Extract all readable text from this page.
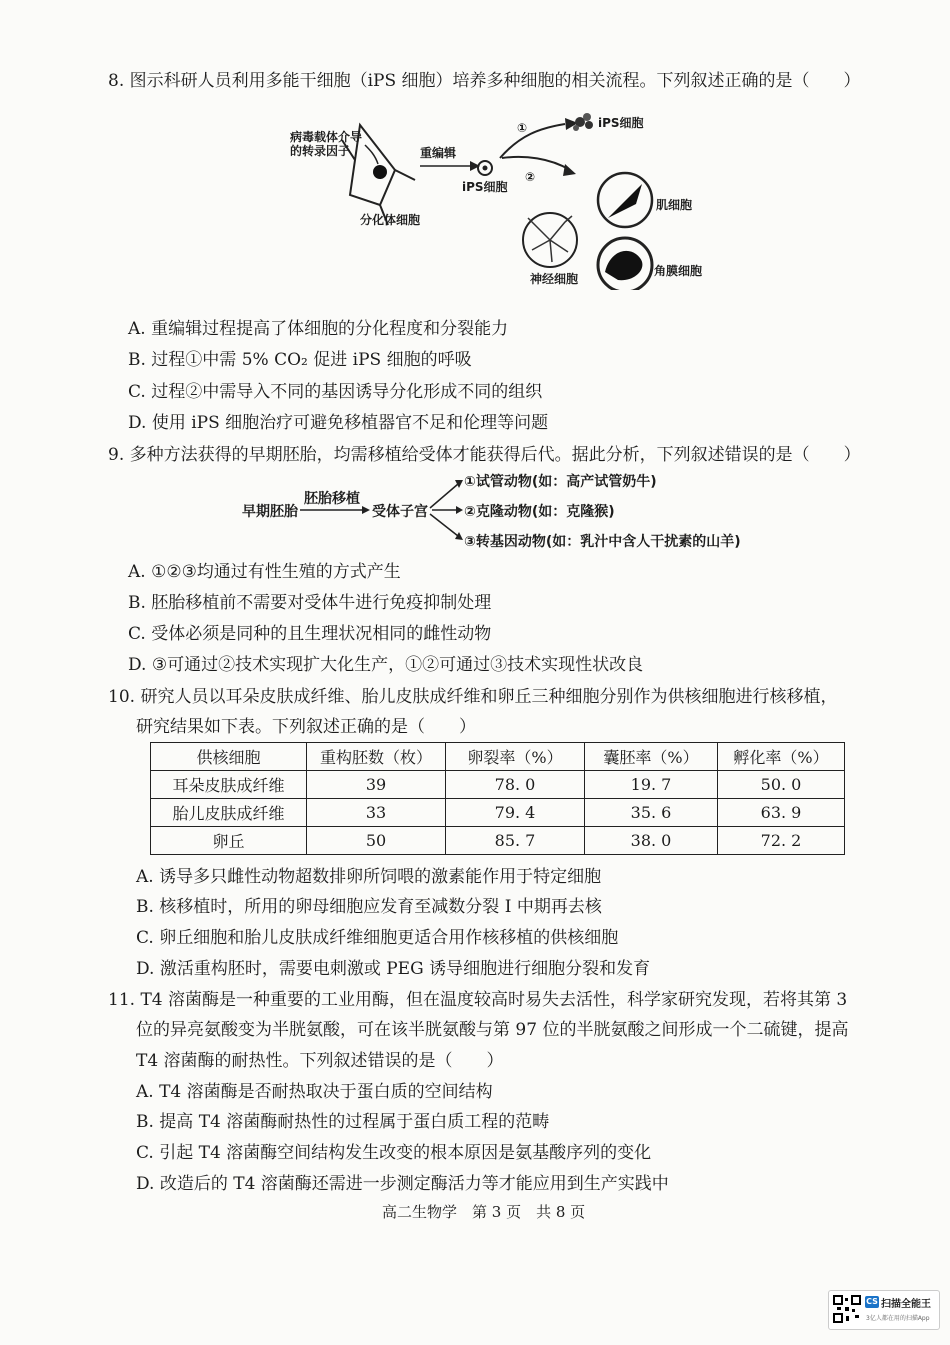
8. 图示科研人员利用多能干细胞（iPS 细胞）培养多种细胞的相关流程。下列叙述正确的是（　　）
病毒载体介导
的转录因子
分化体细胞
重编辑
iPS细胞
①
②
iPS细胞
肌细胞
神经细胞
角膜细胞
A. 重编辑过程提高了体细胞的分化程度和分裂能力
B. 过程①中需 5% CO₂ 促进 iPS 细胞的呼吸
C. 过程②中需导入不同的基因诱导分化形成不同的组织
D. 使用 iPS 细胞治疗可避免移植器官不足和伦理等问题
9. 多种方法获得的早期胚胎，均需移植给受体才能获得后代。据此分析，下列叙述错误的是（　　）
早期胚胎
胚胎移植
受体子宫
①试管动物(如：高产试管奶牛)
②克隆动物(如：克隆猴)
③转基因动物(如：乳汁中含人干扰素的山羊)
A. ①②③均通过有性生殖的方式产生
B. 胚胎移植前不需要对受体牛进行免疫抑制处理
C. 受体必须是同种的且生理状况相同的雌性动物
D. ③可通过②技术实现扩大化生产，①②可通过③技术实现性状改良
10. 研究人员以耳朵皮肤成纤维、胎儿皮肤成纤维和卵丘三种细胞分别作为供核细胞进行核移植，
研究结果如下表。下列叙述正确的是（　　）
供核细胞	重构胚数（枚）	卵裂率（%）	囊胚率（%）	孵化率（%）
耳朵皮肤成纤维	39	78. 0	19. 7	50. 0
胎儿皮肤成纤维	33	79. 4	35. 6	63. 9
卵丘	50	85. 7	38. 0	72. 2
A. 诱导多只雌性动物超数排卵所饲喂的激素能作用于特定细胞
B. 核移植时，所用的卵母细胞应发育至减数分裂 I 中期再去核
C. 卵丘细胞和胎儿皮肤成纤维细胞更适合用作核移植的供核细胞
D. 激活重构胚时，需要电刺激或 PEG 诱导细胞进行细胞分裂和发育
11. T4 溶菌酶是一种重要的工业用酶，但在温度较高时易失去活性，科学家研究发现，若将其第 3
位的异亮氨酸变为半胱氨酸，可在该半胱氨酸与第 97 位的半胱氨酸之间形成一个二硫键，提高
T4 溶菌酶的耐热性。下列叙述错误的是（　　）
A. T4 溶菌酶是否耐热取决于蛋白质的空间结构
B. 提高 T4 溶菌酶耐热性的过程属于蛋白质工程的范畴
C. 引起 T4 溶菌酶空间结构发生改变的根本原因是氨基酸序列的变化
D. 改造后的 T4 溶菌酶还需进一步测定酶活力等才能应用到生产实践中
高二生物学　第 3 页　共 8 页
CS 扫描全能王
3亿人都在用的扫描App
